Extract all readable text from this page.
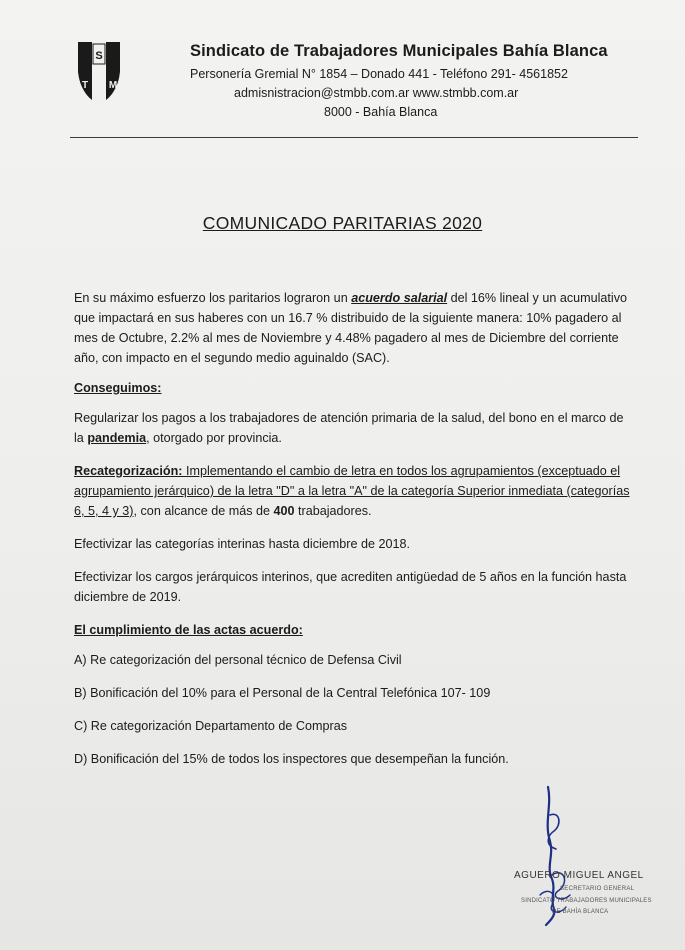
S
T M

Sindicato de Trabajadores Municipales Bahía Blanca

Personería Gremial N° 1854 – Donado 441 - Teléfono 291- 4561852

admisnistracion@stmbb.com.ar www.stmbb.com.ar

8000 - Bahía Blanca

COMUNICADO PARITARIAS 2020

En su máximo esfuerzo los paritarios lograron un acuerdo salarial del 16% lineal y un acumulativo que impactará en sus haberes con un 16.7 % distribuido de la siguiente manera: 10% pagadero al mes de Octubre, 2.2% al mes de Noviembre y 4.48% pagadero al mes de Diciembre del corriente año, con impacto en el segundo medio aguinaldo (SAC).

Conseguimos:

Regularizar los pagos a los trabajadores de atención primaria de la salud, del bono en el marco de la pandemia, otorgado por provincia.

Recategorización: Implementando el cambio de letra en todos los agrupamientos (exceptuado el agrupamiento jerárquico) de la letra "D" a la letra "A" de la categoría Superior inmediata (categorías 6, 5, 4 y 3), con alcance de más de 400 trabajadores.

Efectivizar las categorías interinas hasta diciembre de 2018.

Efectivizar los cargos jerárquicos interinos, que acrediten antigüedad de 5 años en la función hasta diciembre de 2019.

El cumplimiento de las actas acuerdo:

A) Re categorización del personal técnico de Defensa Civil

B) Bonificación del 10% para el Personal de la Central Telefónica 107- 109

C) Re categorización Departamento de Compras

D) Bonificación del 15% de todos los inspectores que desempeñan la función.

AGUERO MIGUEL ANGEL
SECRETARIO GENERAL
SINDICATO TRABAJADORES MUNICIPALES
DE BAHÍA BLANCA
